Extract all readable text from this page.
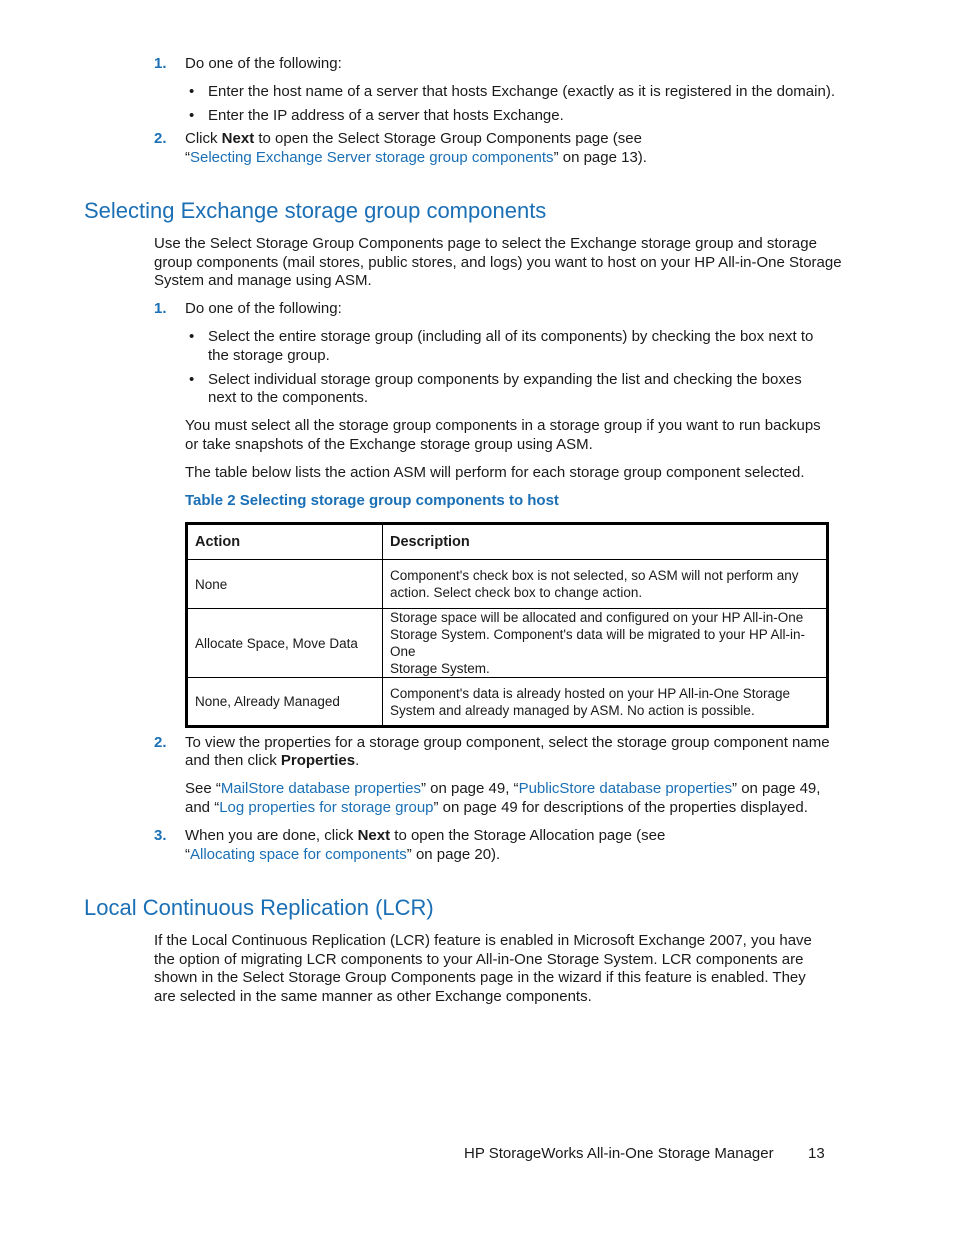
1. Do one of the following:

• Enter the host name of a server that hosts Exchange (exactly as it is registered in the domain).

• Enter the IP address of a server that hosts Exchange.

2. Click Next to open the Select Storage Group Components page (see

“Selecting Exchange Server storage group components” on page 13).

Selecting Exchange storage group components

Use the Select Storage Group Components page to select the Exchange storage group and storage

group components (mail stores, public stores, and logs) you want to host on your HP All-in-One Storage

System and manage using ASM.

1. Do one of the following:

• Select the entire storage group (including all of its components) by checking the box next to

the storage group.

• Select individual storage group components by expanding the list and checking the boxes

next to the components.

You must select all the storage group components in a storage group if you want to run backups

or take snapshots of the Exchange storage group using ASM.

The table below lists the action ASM will perform for each storage group component selected.

Table 2 Selecting storage group components to host
Action	Description
None	Component's check box is not selected, so ASM will not perform any
action. Select check box to change action.

Allocate Space, Move Data	Storage space will be allocated and configured on your HP All-in-One
Storage System. Component's data will be migrated to your HP All-in-One
Storage System.

None, Already Managed	Component's data is already hosted on your HP All-in-One Storage
System and already managed by ASM. No action is possible.
2. To view the properties for a storage group component, select the storage group component name

and then click Properties.

See “MailStore database properties” on page 49, “PublicStore database properties” on page 49,

and “Log properties for storage group” on page 49 for descriptions of the properties displayed.

3. When you are done, click Next to open the Storage Allocation page (see

“Allocating space for components” on page 20).

Local Continuous Replication (LCR)

If the Local Continuous Replication (LCR) feature is enabled in Microsoft Exchange 2007, you have

the option of migrating LCR components to your All-in-One Storage System. LCR components are

shown in the Select Storage Group Components page in the wizard if this feature is enabled. They

are selected in the same manner as other Exchange components.

HP StorageWorks All-in-One Storage Manager 13
